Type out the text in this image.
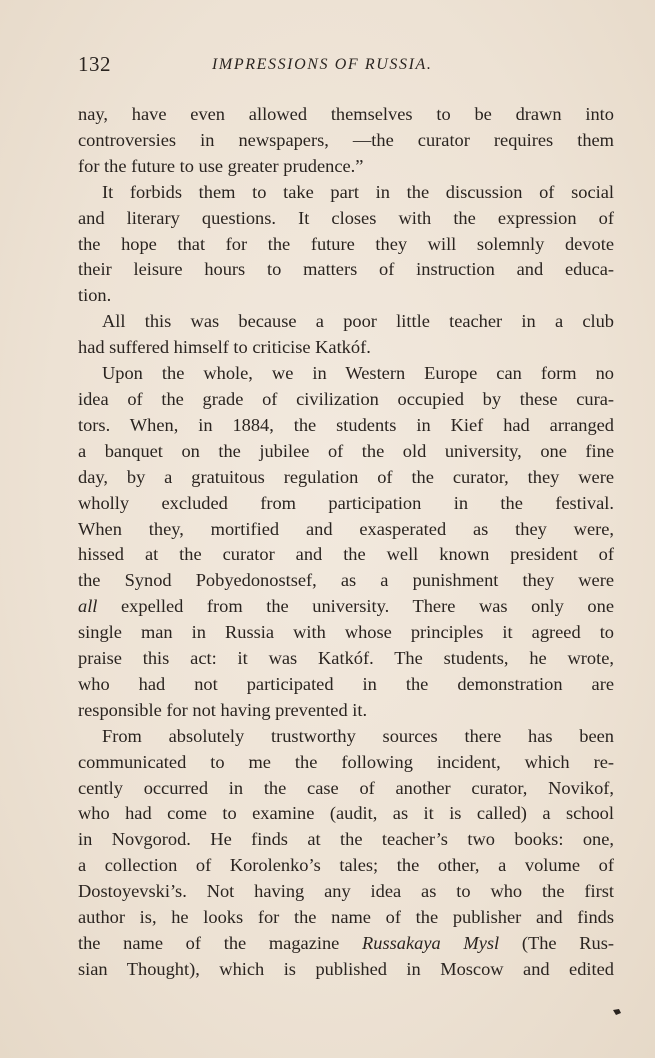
132	IMPRESSIONS OF RUSSIA.
nay, have even allowed themselves to be drawn into
controversies in newspapers, —the curator requires them
for the future to use greater prudence.”
It forbids them to take part in the discussion of social
and literary questions. It closes with the expression of
the hope that for the future they will solemnly devote
their leisure hours to matters of instruction and educa-
tion.
All this was because a poor little teacher in a club
had suffered himself to criticise Katkóf.
Upon the whole, we in Western Europe can form no
idea of the grade of civilization occupied by these cura-
tors. When, in 1884, the students in Kief had arranged
a banquet on the jubilee of the old university, one fine
day, by a gratuitous regulation of the curator, they were
wholly excluded from participation in the festival.
When they, mortified and exasperated as they were,
hissed at the curator and the well known president of
the Synod Pobyedonostsef, as a punishment they were
all expelled from the university. There was only one
single man in Russia with whose principles it agreed to
praise this act: it was Katkóf. The students, he wrote,
who had not participated in the demonstration are
responsible for not having prevented it.
From absolutely trustworthy sources there has been
communicated to me the following incident, which re-
cently occurred in the case of another curator, Novikof,
who had come to examine (audit, as it is called) a school
in Novgorod. He finds at the teacher’s two books: one,
a collection of Korolenko’s tales; the other, a volume of
Dostoyevski’s. Not having any idea as to who the first
author is, he looks for the name of the publisher and finds
the name of the magazine Russakaya Mysl (The Rus-
sian Thought), which is published in Moscow and edited
